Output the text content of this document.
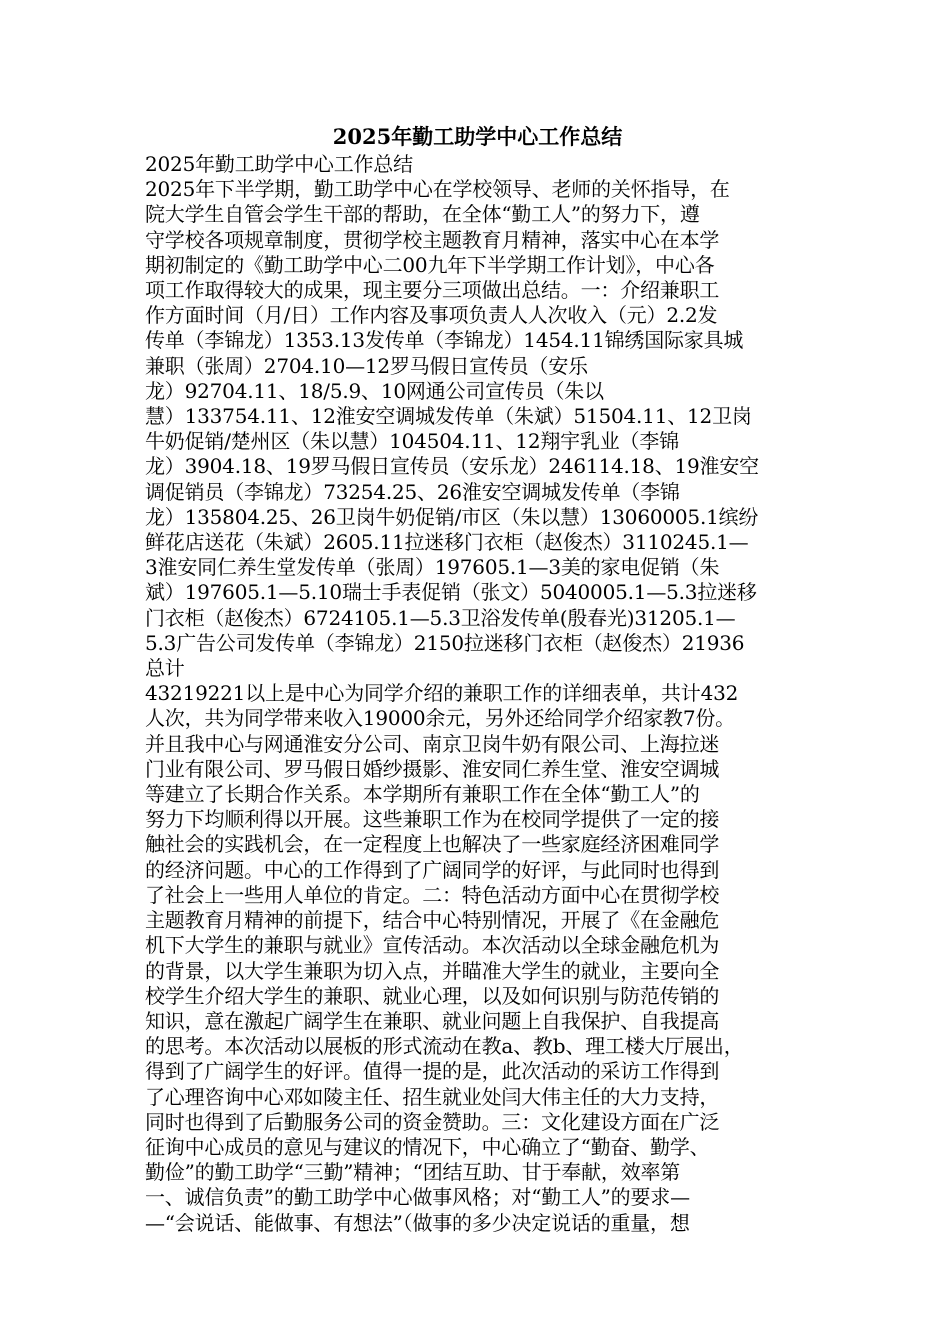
2025年勤工助学中心工作总结

2025年勤工助学中心工作总结

2025年下半学期，勤工助学中心在学校领导、老师的关怀指导，在

院大学生自管会学生干部的帮助，在全体“勤工人”的努力下，遵

守学校各项规章制度，贯彻学校主题教育月精神，落实中心在本学

期初制定的《勤工助学中心二00九年下半学期工作计划》，中心各

项工作取得较大的成果，现主要分三项做出总结。一：介绍兼职工

作方面时间（月/日）工作内容及事项负责人人次收入（元）2.2发

传单（李锦龙）1353.13发传单（李锦龙）1454.11锦绣国际家具城

兼职（张周）2704.10—12罗马假日宣传员（安乐

龙）92704.11、18/5.9、10网通公司宣传员（朱以

慧）133754.11、12淮安空调城发传单（朱斌）51504.11、12卫岗

牛奶促销/楚州区（朱以慧）104504.11、12翔宇乳业（李锦

龙）3904.18、19罗马假日宣传员（安乐龙）246114.18、19淮安空

调促销员（李锦龙）73254.25、26淮安空调城发传单（李锦

龙）135804.25、26卫岗牛奶促销/市区（朱以慧）13060005.1缤纷

鲜花店送花（朱斌）2605.11拉迷移门衣柜（赵俊杰）3110245.1—

3淮安同仁养生堂发传单（张周）197605.1—3美的家电促销（朱

斌）197605.1—5.10瑞士手表促销（张文）5040005.1—5.3拉迷移

门衣柜（赵俊杰）6724105.1—5.3卫浴发传单(殷春光)31205.1—

5.3广告公司发传单（李锦龙）2150拉迷移门衣柜（赵俊杰）21936

总计

43219221以上是中心为同学介绍的兼职工作的详细表单，共计432

人次，共为同学带来收入19000余元，另外还给同学介绍家教7份。

并且我中心与网通淮安分公司、南京卫岗牛奶有限公司、上海拉迷

门业有限公司、罗马假日婚纱摄影、淮安同仁养生堂、淮安空调城

等建立了长期合作关系。本学期所有兼职工作在全体“勤工人”的

努力下均顺利得以开展。这些兼职工作为在校同学提供了一定的接

触社会的实践机会，在一定程度上也解决了一些家庭经济困难同学

的经济问题。中心的工作得到了广阔同学的好评，与此同时也得到

了社会上一些用人单位的肯定。二：特色活动方面中心在贯彻学校

主题教育月精神的前提下，结合中心特别情况，开展了《在金融危

机下大学生的兼职与就业》宣传活动。本次活动以全球金融危机为

的背景，以大学生兼职为切入点，并瞄准大学生的就业，主要向全

校学生介绍大学生的兼职、就业心理，以及如何识别与防范传销的

知识，意在激起广阔学生在兼职、就业问题上自我保护、自我提高

的思考。本次活动以展板的形式流动在教a、教b、理工楼大厅展出，

得到了广阔学生的好评。值得一提的是，此次活动的采访工作得到

了心理咨询中心邓如陵主任、招生就业处闫大伟主任的大力支持，

同时也得到了后勤服务公司的资金赞助。三：文化建设方面在广泛

征询中心成员的意见与建议的情况下，中心确立了“勤奋、勤学、

勤俭”的勤工助学“三勤”精神；“团结互助、甘于奉献，效率第

一、诚信负责”的勤工助学中心做事风格；对“勤工人”的要求—

—“会说话、能做事、有想法”（做事的多少决定说话的重量，想
